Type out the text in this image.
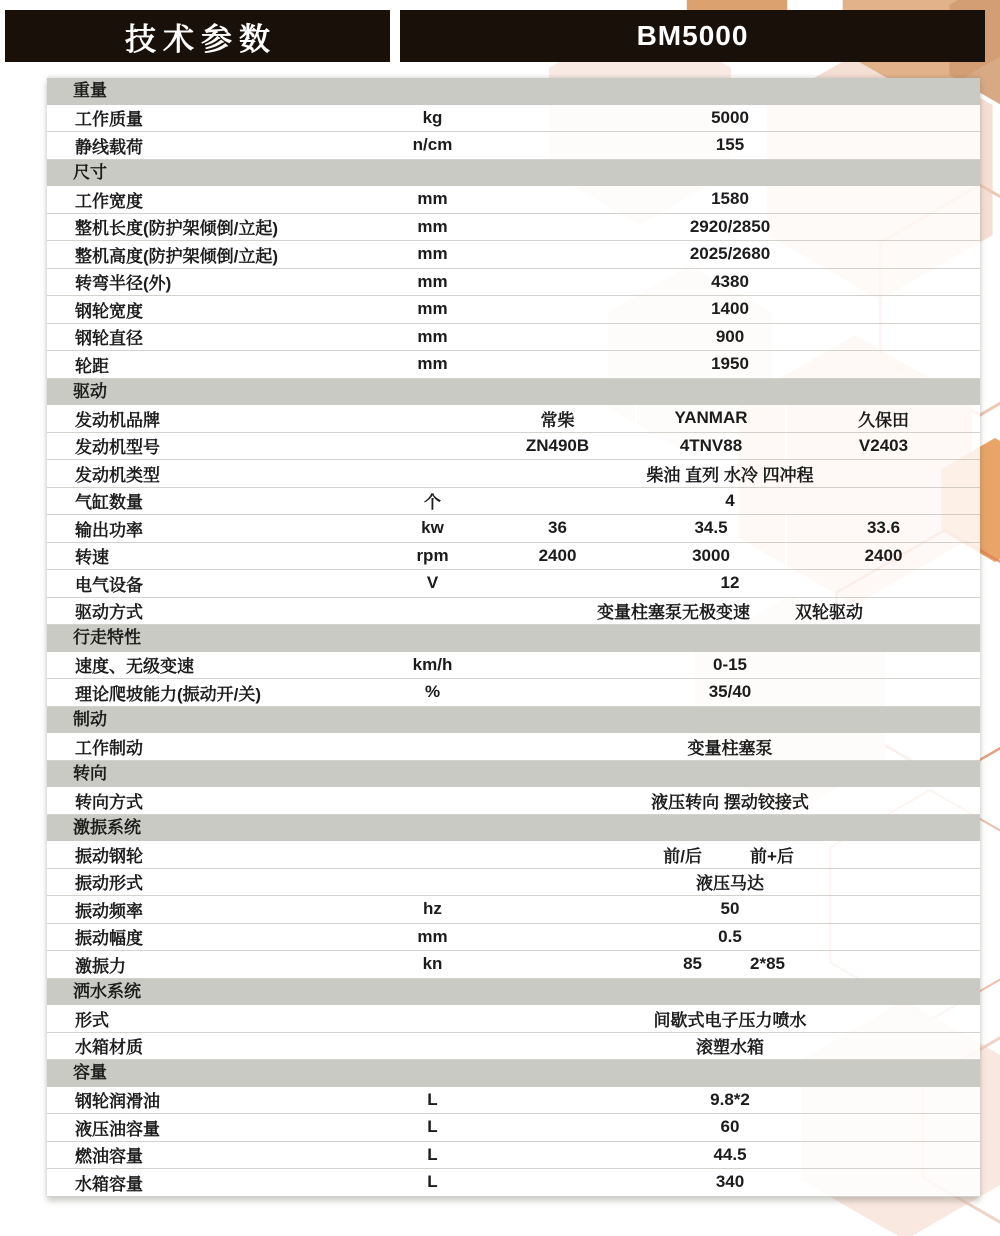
技术参数	BM5000
重量
工作质量	kg	5000
静线载荷	n/cm	155
尺寸
工作宽度	mm	1580
整机长度(防护架倾倒/立起)	mm	2920/2850
整机高度(防护架倾倒/立起)	mm	2025/2680
转弯半径(外)	mm	4380
钢轮宽度	mm	1400
钢轮直径	mm	900
轮距	mm	1950
驱动
发动机品牌	常柴	YANMAR	久保田
发动机型号	ZN490B	4TNV88	V2403
发动机类型	柴油 直列 水冷 四冲程
气缸数量	个	4
输出功率	kw	36	34.5	33.6
转速	rpm	2400	3000	2400
电气设备	V	12
驱动方式	变量柱塞泵无极变速	双轮驱动
行走特性
速度、无级变速	km/h	0-15
理论爬坡能力(振动开/关)	%	35/40
制动
工作制动	变量柱塞泵
转向
转向方式	液压转向 摆动铰接式
激振系统
振动钢轮	前/后	前+后
振动形式	液压马达
振动频率	hz	50
振动幅度	mm	0.5
激振力	kn	85	2*85
洒水系统
形式	间歇式电子压力喷水
水箱材质	滚塑水箱
容量
钢轮润滑油	L	9.8*2
液压油容量	L	60
燃油容量	L	44.5
水箱容量	L	340
